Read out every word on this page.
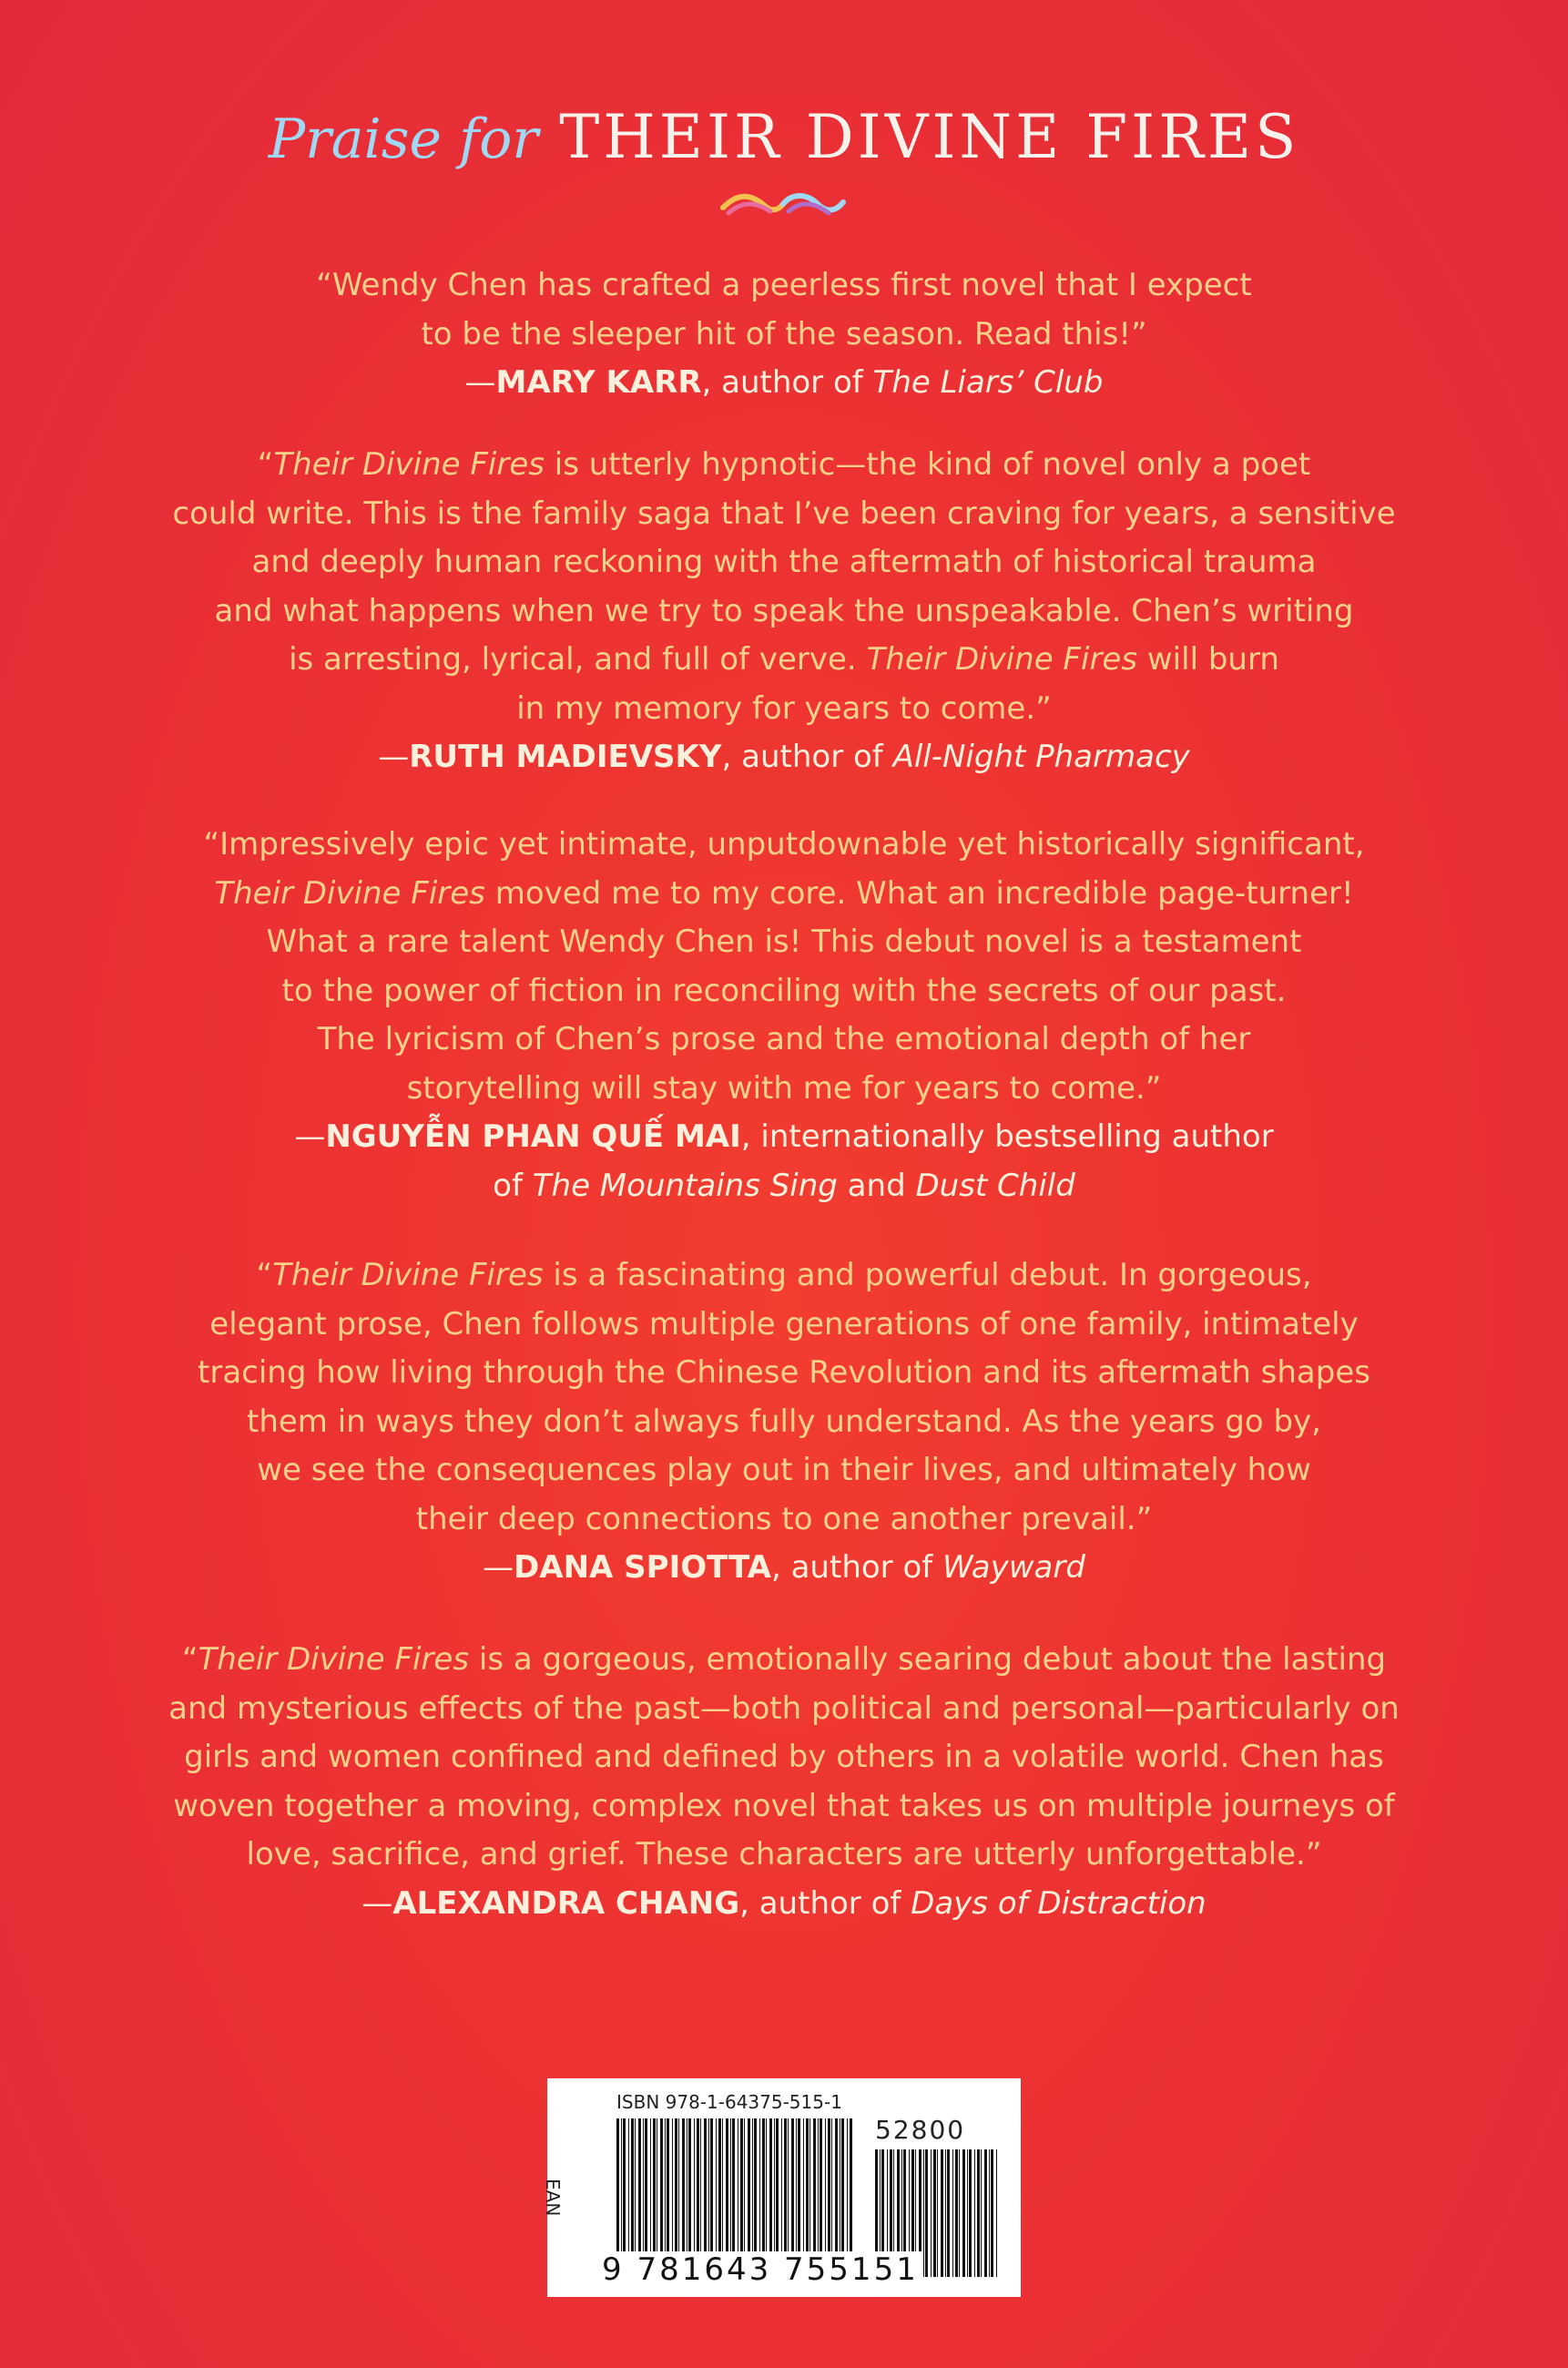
Praise for THEIR DIVINE FIRES

“Wendy Chen has crafted a peerless first novel that I expect

to be the sleeper hit of the season. Read this!”

—MARY KARR, author of The Liars’ Club

“Their Divine Fires is utterly hypnotic—the kind of novel only a poet

could write. This is the family saga that I’ve been craving for years, a sensitive

and deeply human reckoning with the aftermath of historical trauma

and what happens when we try to speak the unspeakable. Chen’s writing

is arresting, lyrical, and full of verve. Their Divine Fires will burn

in my memory for years to come.”

—RUTH MADIEVSKY, author of All-Night Pharmacy

“Impressively epic yet intimate, unputdownable yet historically significant,

Their Divine Fires moved me to my core. What an incredible page-turner!

What a rare talent Wendy Chen is! This debut novel is a testament

to the power of fiction in reconciling with the secrets of our past.

The lyricism of Chen’s prose and the emotional depth of her

storytelling will stay with me for years to come.”

—NGUYỄN PHAN QUẾ MAI, internationally bestselling author

of The Mountains Sing and Dust Child

“Their Divine Fires is a fascinating and powerful debut. In gorgeous,

elegant prose, Chen follows multiple generations of one family, intimately

tracing how living through the Chinese Revolution and its aftermath shapes

them in ways they don’t always fully understand. As the years go by,

we see the consequences play out in their lives, and ultimately how

their deep connections to one another prevail.”

—DANA SPIOTTA, author of Wayward

“Their Divine Fires is a gorgeous, emotionally searing debut about the lasting

and mysterious effects of the past—both political and personal—particularly on

girls and women confined and defined by others in a volatile world. Chen has

woven together a moving, complex novel that takes us on multiple journeys of

love, sacrifice, and grief. These characters are utterly unforgettable.”

—ALEXANDRA CHANG, author of Days of Distraction

ISBN 978-1-64375-515-1
EAN
52800
9 781643 755151
